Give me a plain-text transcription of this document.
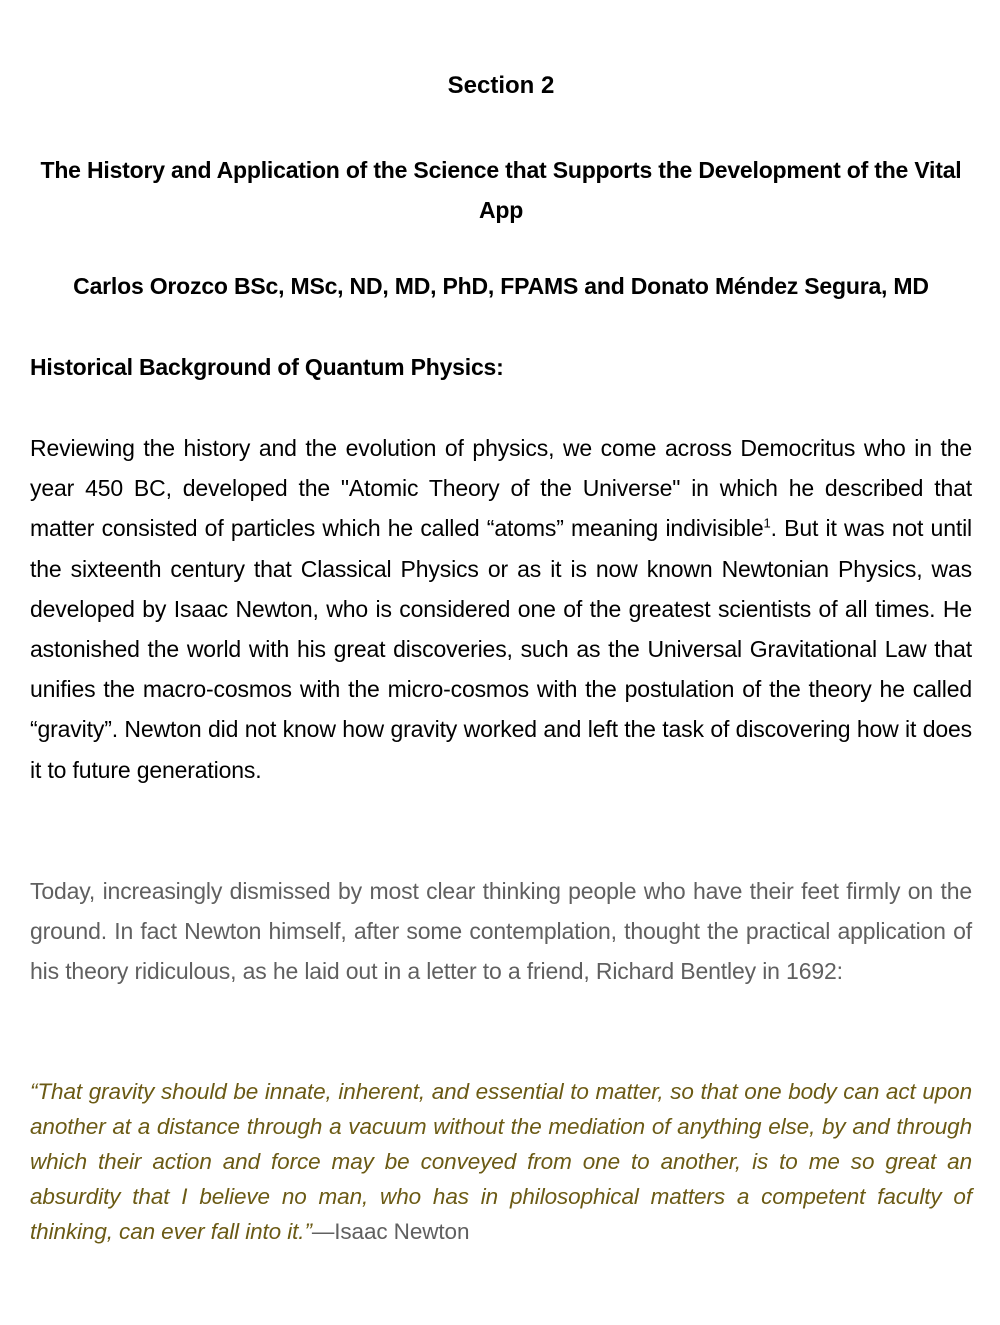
Section 2
The History and Application of the Science that Supports the Development of the Vital App
Carlos Orozco BSc, MSc, ND, MD, PhD, FPAMS and Donato Méndez Segura, MD
Historical Background of Quantum Physics:

Reviewing the history and the evolution of physics, we come across Democritus who in the year 450 BC, developed the "Atomic Theory of the Universe" in which he described that matter consisted of particles which he called “atoms” meaning indivisible$^1$. But it was not until the sixteenth century that Classical Physics or as it is now known Newtonian Physics, was developed by Isaac Newton, who is considered one of the greatest scientists of all times. He astonished the world with his great discoveries, such as the Universal Gravitational Law that unifies the macro-cosmos with the micro-cosmos with the postulation of the theory he called “gravity”. Newton did not know how gravity worked and left the task of discovering how it does it to future generations.

Today, increasingly dismissed by most clear thinking people who have their feet firmly on the ground. In fact Newton himself, after some contemplation, thought the practical application of his theory ridiculous, as he laid out in a letter to a friend, Richard Bentley in 1692:

“That gravity should be innate, inherent, and essential to matter, so that one body can act upon another at a distance through a vacuum without the mediation of anything else, by and through which their action and force may be conveyed from one to another, is to me so great an absurdity that I believe no man, who has in philosophical matters a competent faculty of thinking, can ever fall into it.”—Isaac Newton
